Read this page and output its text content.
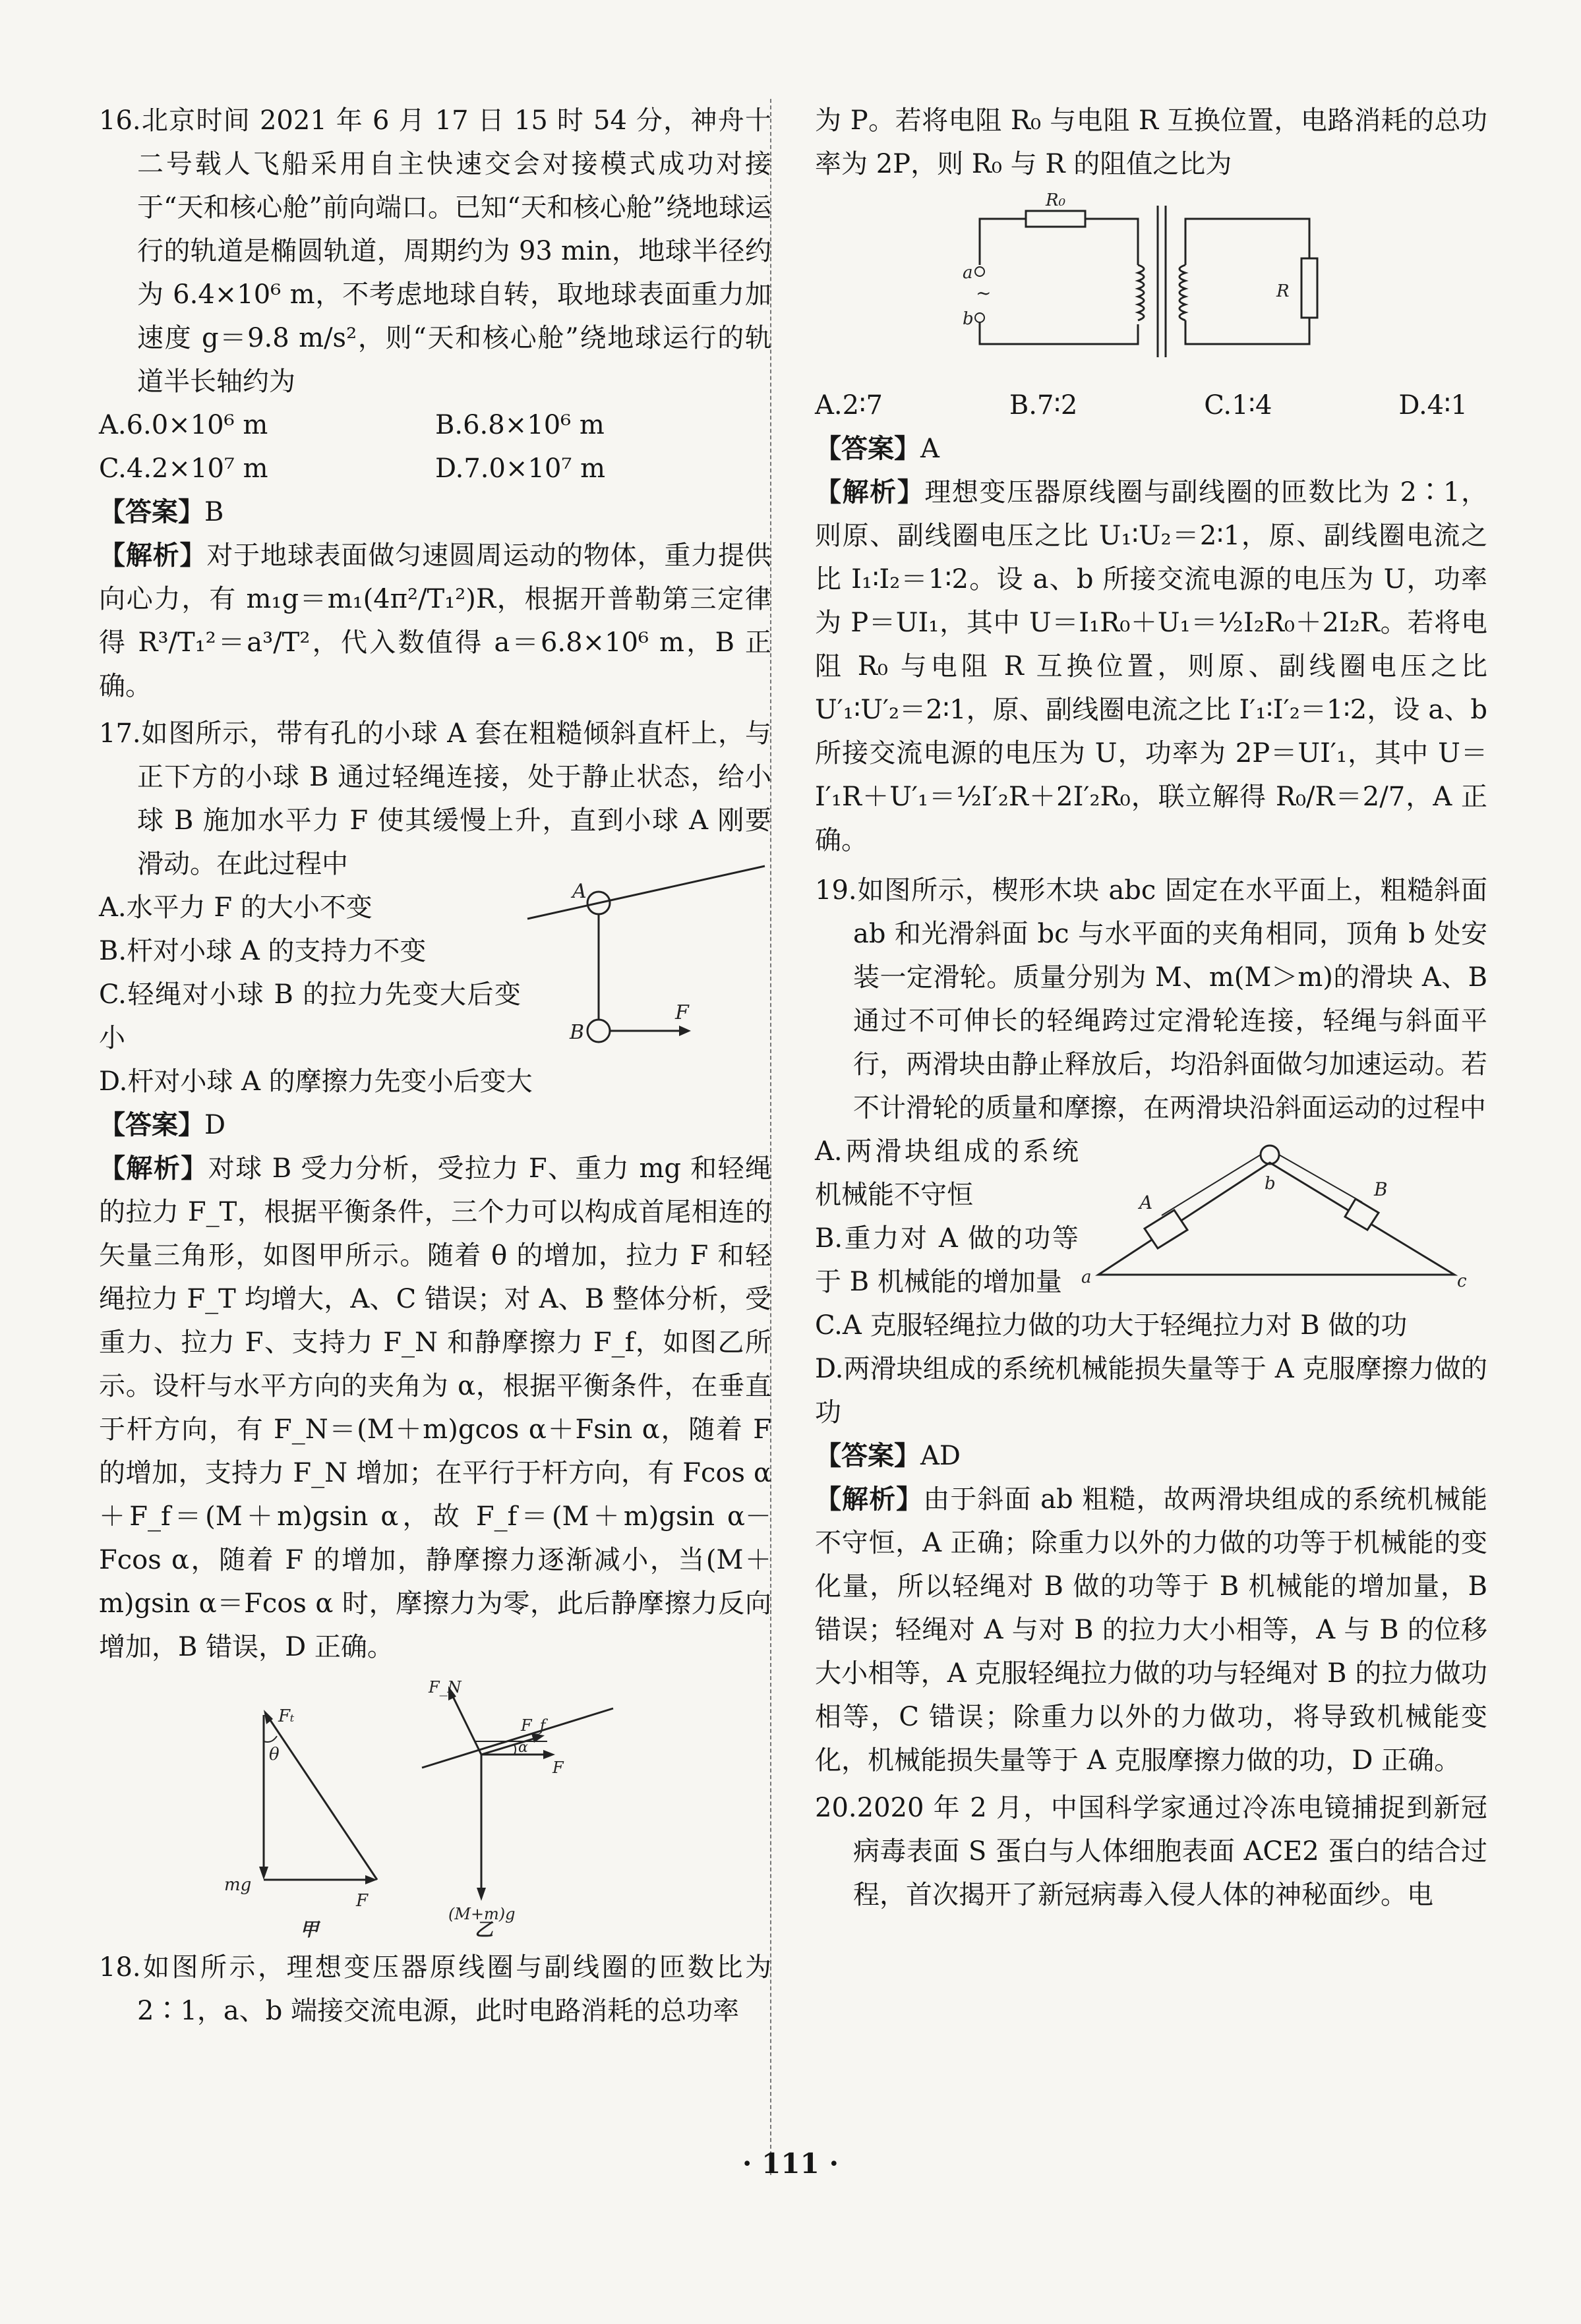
16.北京时间 2021 年 6 月 17 日 15 时 54 分，神舟十二号载人飞船采用自主快速交会对接模式成功对接于“天和核心舱”前向端口。已知“天和核心舱”绕地球运行的轨道是椭圆轨道，周期约为 93 min，地球半径约为 6.4×10⁶ m，不考虑地球自转，取地球表面重力加速度 g＝9.8 m/s²，则“天和核心舱”绕地球运行的轨道半长轴约为

A.6.0×10⁶ m	B.6.8×10⁶ m
C.4.2×10⁷ m	D.7.0×10⁷ m

【答案】B

【解析】对于地球表面做匀速圆周运动的物体，重力提供向心力，有 m₁g＝m₁(4π²/T₁²)R，根据开普勒第三定律得 R³/T₁²＝a³/T²，代入数值得 a＝6.8×10⁶ m，B 正确。

17.如图所示，带有孔的小球 A 套在粗糙倾斜直杆上，与正下方的小球 B 通过轻绳连接，处于静止状态，给小球 B 施加水平力 F 使其缓慢上升，直到小球 A 刚要滑动。在此过程中

A.水平力 F 的大小不变

B.杆对小球 A 的支持力不变

C.轻绳对小球 B 的拉力先变大后变小

A
B
F

D.杆对小球 A 的摩擦力先变小后变大

【答案】D

【解析】对球 B 受力分析，受拉力 F、重力 mg 和轻绳的拉力 F_T，根据平衡条件，三个力可以构成首尾相连的矢量三角形，如图甲所示。随着 θ 的增加，拉力 F 和轻绳拉力 F_T 均增大，A、C 错误；对 A、B 整体分析，受重力、拉力 F、支持力 F_N 和静摩擦力 F_f，如图乙所示。设杆与水平方向的夹角为 α，根据平衡条件，在垂直于杆方向，有 F_N＝(M＋m)gcos α＋Fsin α，随着 F 的增加，支持力 F_N 增加；在平行于杆方向，有 Fcos α＋F_f＝(M＋m)gsin α，故 F_f＝(M＋m)gsin α－Fcos α，随着 F 的增加，静摩擦力逐渐减小，当(M＋m)gsin α＝Fcos α 时，摩擦力为零，此后静摩擦力反向增加，B 错误，D 正确。

Fₜ
θ
mg
F
甲
F_N
F_f
α
F
(M+m)g
乙

18.如图所示，理想变压器原线圈与副线圈的匝数比为 2∶1，a、b 端接交流电源，此时电路消耗的总功率

为 P。若将电阻 R₀ 与电阻 R 互换位置，电路消耗的总功率为 2P，则 R₀ 与 R 的阻值之比为

R₀
a
b
~	R
A.2∶7	B.7∶2	C.1∶4	D.4∶1

【答案】A

【解析】理想变压器原线圈与副线圈的匝数比为 2∶1，则原、副线圈电压之比 U₁∶U₂＝2∶1，原、副线圈电流之比 I₁∶I₂＝1∶2。设 a、b 所接交流电源的电压为 U，功率为 P＝UI₁，其中 U＝I₁R₀＋U₁＝½I₂R₀＋2I₂R。若将电阻 R₀ 与电阻 R 互换位置，则原、副线圈电压之比 U′₁∶U′₂＝2∶1，原、副线圈电流之比 I′₁∶I′₂＝1∶2，设 a、b 所接交流电源的电压为 U，功率为 2P＝UI′₁，其中 U＝I′₁R＋U′₁＝½I′₂R＋2I′₂R₀，联立解得 R₀/R＝2/7，A 正确。

19.如图所示，楔形木块 abc 固定在水平面上，粗糙斜面 ab 和光滑斜面 bc 与水平面的夹角相同，顶角 b 处安装一定滑轮。质量分别为 M、m(M＞m)的滑块 A、B 通过不可伸长的轻绳跨过定滑轮连接，轻绳与斜面平行，两滑块由静止释放后，均沿斜面做匀加速运动。若不计滑轮的质量和摩擦，在两滑块沿斜面运动的过程中

A
B
b
a	c

A.两滑块组成的系统机械能不守恒

B.重力对 A 做的功等于 B 机械能的增加量

C.A 克服轻绳拉力做的功大于轻绳拉力对 B 做的功

D.两滑块组成的系统机械能损失量等于 A 克服摩擦力做的功

【答案】AD

【解析】由于斜面 ab 粗糙，故两滑块组成的系统机械能不守恒，A 正确；除重力以外的力做的功等于机械能的变化量，所以轻绳对 B 做的功等于 B 机械能的增加量，B 错误；轻绳对 A 与对 B 的拉力大小相等，A 与 B 的位移大小相等，A 克服轻绳拉力做的功与轻绳对 B 的拉力做功相等，C 错误；除重力以外的力做功，将导致机械能变化，机械能损失量等于 A 克服摩擦力做的功，D 正确。

20.2020 年 2 月，中国科学家通过冷冻电镜捕捉到新冠病毒表面 S 蛋白与人体细胞表面 ACE2 蛋白的结合过程，首次揭开了新冠病毒入侵人体的神秘面纱。电

· 111 ·
